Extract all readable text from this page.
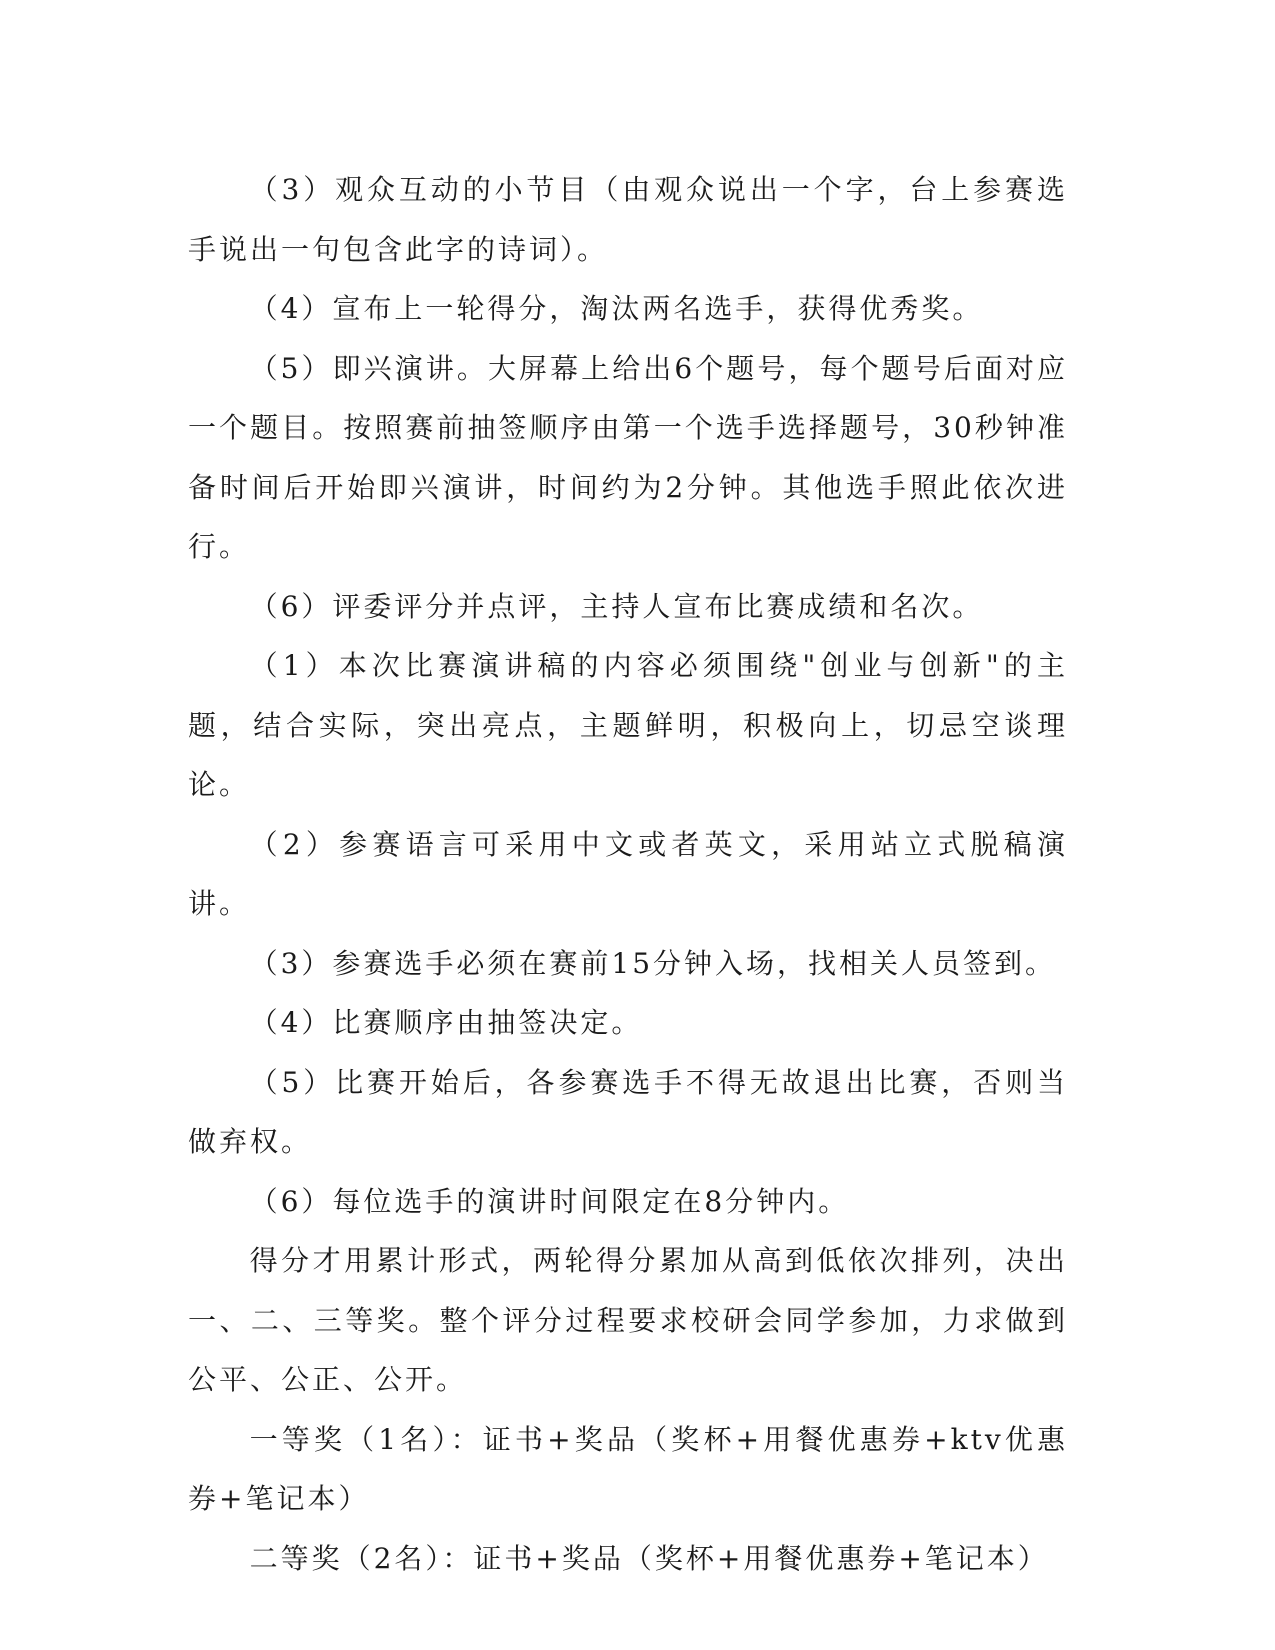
（3）观众互动的小节目（由观众说出一个字，台上参赛选手说出一句包含此字的诗词）。

（4）宣布上一轮得分，淘汰两名选手，获得优秀奖。

（5）即兴演讲。大屏幕上给出6个题号，每个题号后面对应一个题目。按照赛前抽签顺序由第一个选手选择题号，30秒钟准备时间后开始即兴演讲，时间约为2分钟。其他选手照此依次进行。

（6）评委评分并点评，主持人宣布比赛成绩和名次。

（1）本次比赛演讲稿的内容必须围绕"创业与创新"的主题，结合实际，突出亮点，主题鲜明，积极向上，切忌空谈理论。

（2）参赛语言可采用中文或者英文，采用站立式脱稿演讲。

（3）参赛选手必须在赛前15分钟入场，找相关人员签到。

（4）比赛顺序由抽签决定。

（5）比赛开始后，各参赛选手不得无故退出比赛，否则当做弃权。

（6）每位选手的演讲时间限定在8分钟内。

得分才用累计形式，两轮得分累加从高到低依次排列，决出一、二、三等奖。整个评分过程要求校研会同学参加，力求做到公平、公正、公开。

一等奖（1名）：证书+奖品（奖杯+用餐优惠券+ktv优惠券+笔记本）

二等奖（2名）：证书+奖品（奖杯+用餐优惠券+笔记本）
